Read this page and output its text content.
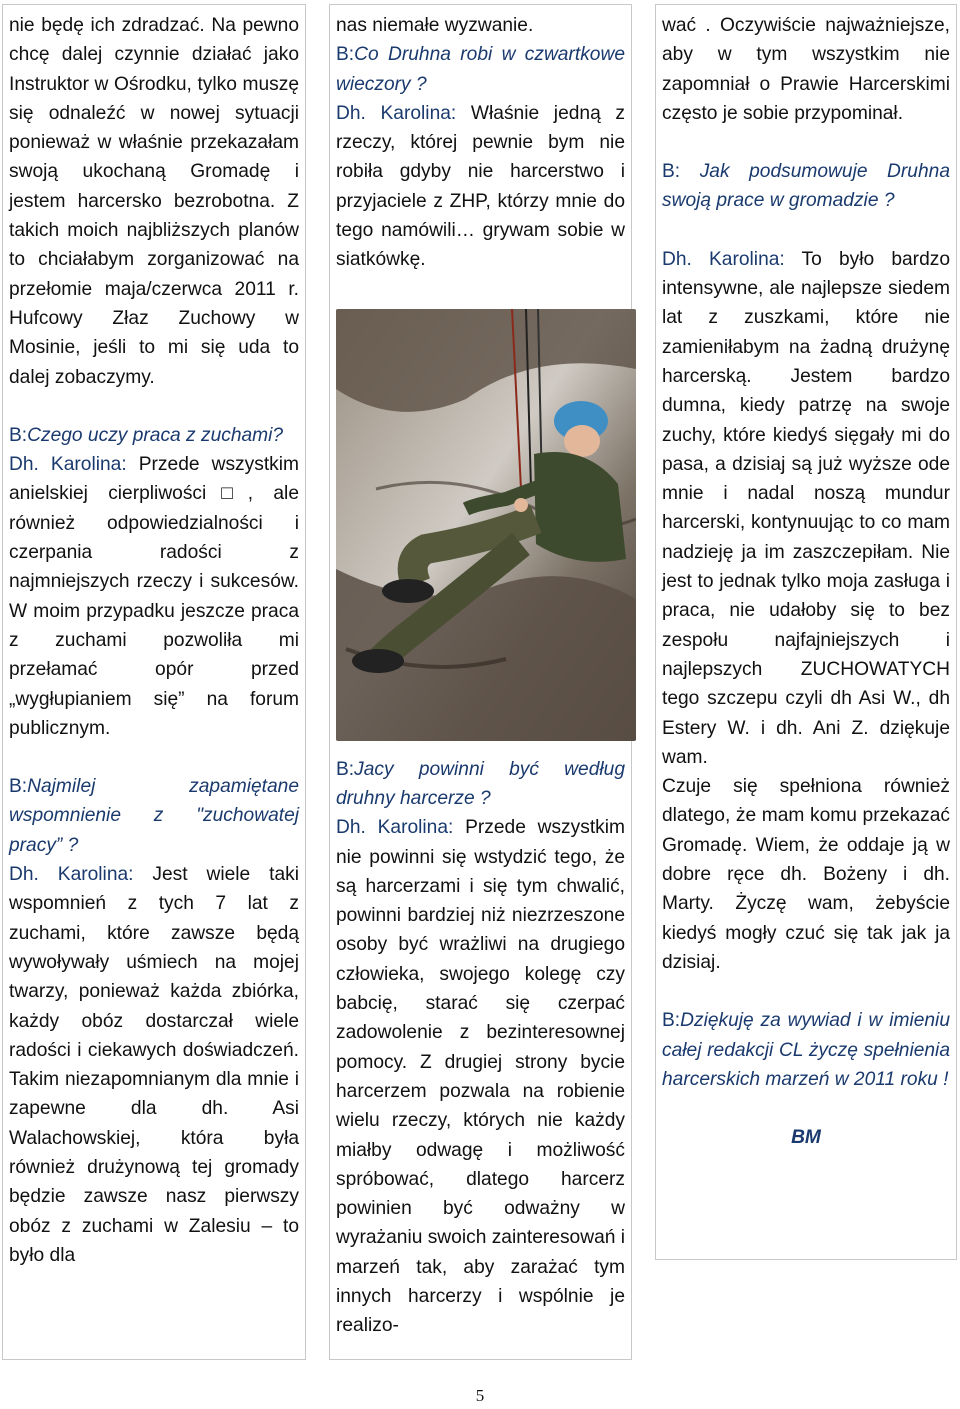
nie będę ich zdradzać. Na pewno chcę dalej czynnie działać jako Instruktor w Ośrodku, tylko muszę się odnaleźć w nowej sytuacji ponieważ w właśnie przekazałam swoją ukochaną Gromadę i jestem harcersko bezrobotna. Z takich moich najbliższych planów to chciałabym zorganizować na przełomie maja/czerwca 2011 r. Hufcowy Złaz Zuchowy w Mosinie, jeśli to mi się uda to dalej zobaczymy.

B:Czego uczy praca z zuchami?

Dh. Karolina: Przede wszystkim anielskiej cierpliwości□, ale również odpowiedzialności i czerpania radości z najmniejszych rzeczy i sukcesów. W moim przypadku jeszcze praca z zuchami pozwoliła mi przełamać opór przed „wygłupianiem się” na forum publicznym.

B:Najmilej zapamiętane wspomnienie z "zuchowatej pracy” ?

Dh. Karolina: Jest wiele taki wspomnień z tych 7 lat z zuchami, które zawsze będą wywoływały uśmiech na mojej twarzy, ponieważ każda zbiórka, każdy obóz dostarczał wiele radości i ciekawych doświadczeń. Takim niezapomnianym dla mnie i zapewne dla dh. Asi Walachowskiej, która była również drużynową tej gromady będzie zawsze nasz pierwszy obóz z zuchami w Zalesiu – to było dla

nas niemałe wyzwanie.

B:Co Druhna robi w czwartkowe wieczory ?

Dh. Karolina: Właśnie jedną z rzeczy, której pewnie bym nie robiła gdyby nie harcerstwo i przyjaciele z ZHP, którzy mnie do tego namówili… grywam sobie w siatkówkę.

B:Jacy powinni być według druhny harcerze ?

Dh. Karolina: Przede wszystkim nie powinni się wstydzić tego, że są harcerzami i się tym chwalić, powinni bardziej niż niezrzeszone osoby być wrażliwi na drugiego człowieka, swojego kolegę czy babcię, starać się czerpać zadowolenie z bezinteresownej pomocy. Z drugiej strony bycie harcerzem pozwala na robienie wielu rzeczy, których nie każdy miałby odwagę i możliwość spróbować, dlatego harcerz powinien być odważny w wyrażaniu swoich zainteresowań i marzeń tak, aby zarażać tym innych harcerzy i wspólnie je realizo-

wać . Oczywiście najważniejsze, aby w tym wszystkim nie zapomniał o Prawie Harcerskimi często je sobie przypominał.

B: Jak podsumowuje Druhna swoją prace w gromadzie ?

Dh. Karolina: To było bardzo intensywne, ale najlepsze siedem lat z zuszkami, które nie zamieniłabym na żadną drużynę harcerską. Jestem bardzo dumna, kiedy patrzę na swoje zuchy, które kiedyś sięgały mi do pasa, a dzisiaj są już wyższe ode mnie i nadal noszą mundur harcerski, kontynuując to co mam nadzieję ja im zaszczepiłam. Nie jest to jednak tylko moja zasługa i praca, nie udałoby się to bez zespołu najfajniejszych i najlepszych ZUCHOWATYCH tego szczepu czyli dh Asi W., dh Estery W. i dh. Ani Z. dziękuje wam.

Czuje się spełniona również dlatego, że mam komu przekazać Gromadę. Wiem, że oddaje ją w dobre ręce dh. Bożeny i dh. Marty. Życzę wam, żebyście kiedyś mogły czuć się tak jak ja dzisiaj.

B:Dziękuję za wywiad i w imieniu całej redakcji CL życzę spełnienia harcerskich marzeń w 2011 roku !

BM

5
